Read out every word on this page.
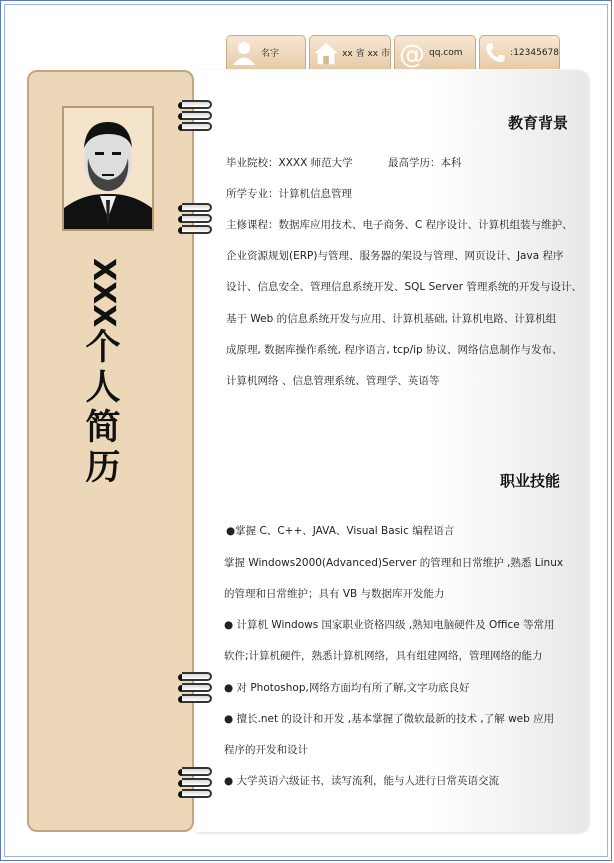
名字	xx 省 xx 市 @ qq.com	:12345678
XXX
个
人
简
历
教育背景
毕业院校：XXXX 师范大学	最高学历：本科
所学专业：计算机信息管理
主修课程：数据库应用技术、电子商务、C 程序设计、计算机组装与维护、
企业资源规划(ERP)与管理、服务器的架设与管理、网页设计、Java 程序
设计、信息安全、管理信息系统开发、SQL Server 管理系统的开发与设计、
基于 Web 的信息系统开发与应用、计算机基础, 计算机电路、计算机组
成原理, 数据库操作系统, 程序语言, tcp/ip 协议、网络信息制作与发布、
计算机网络 、信息管理系统、管理学、英语等
职业技能
●掌握 C、C++、JAVA、Visual Basic 编程语言
掌握 Windows2000(Advanced)Server 的管理和日常维护 ,熟悉 Linux
的管理和日常维护；具有 VB 与数据库开发能力
● 计算机 Windows 国家职业资格四级 ,熟知电脑硬件及 Office 等常用
软件;计算机硬件，熟悉计算机网络，具有组建网络，管理网络的能力
● 对 Photoshop,网络方面均有所了解,文字功底良好
● 擅长.net 的设计和开发 ,基本掌握了微软最新的技术 ,了解 web 应用
程序的开发和设计
● 大学英语六级证书，读写流利，能与人进行日常英语交流
